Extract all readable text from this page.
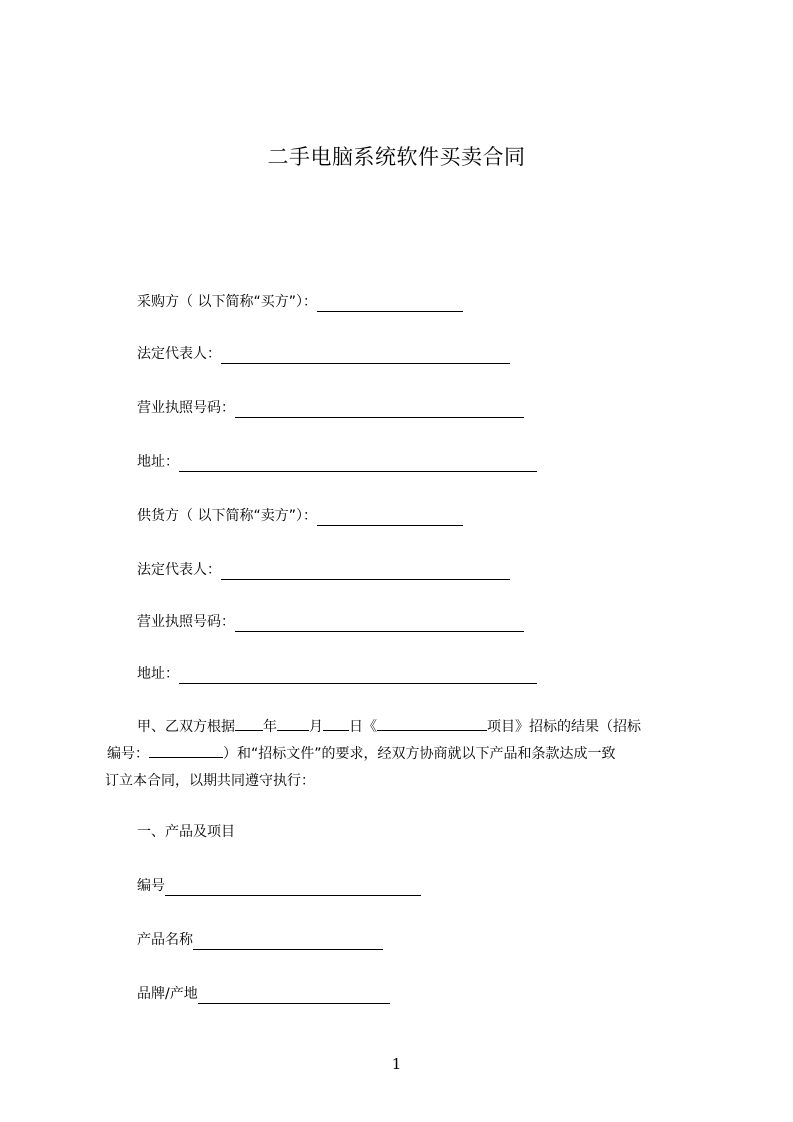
二手电脑系统软件买卖合同
采购方（ 以下简称“买方”）：
法定代表人：
营业执照号码：
地址：
供货方（ 以下简称“卖方”）：
法定代表人：
营业执照号码：
地址：
甲、乙双方根据 年 月 日《	项目》招标的结果（招标
编号：	）和“招标文件”的要求，经双方协商就以下产品和条款达成一致
订立本合同，以期共同遵守执行：
一、产品及项目
编号
产品名称
品牌/产地
1
